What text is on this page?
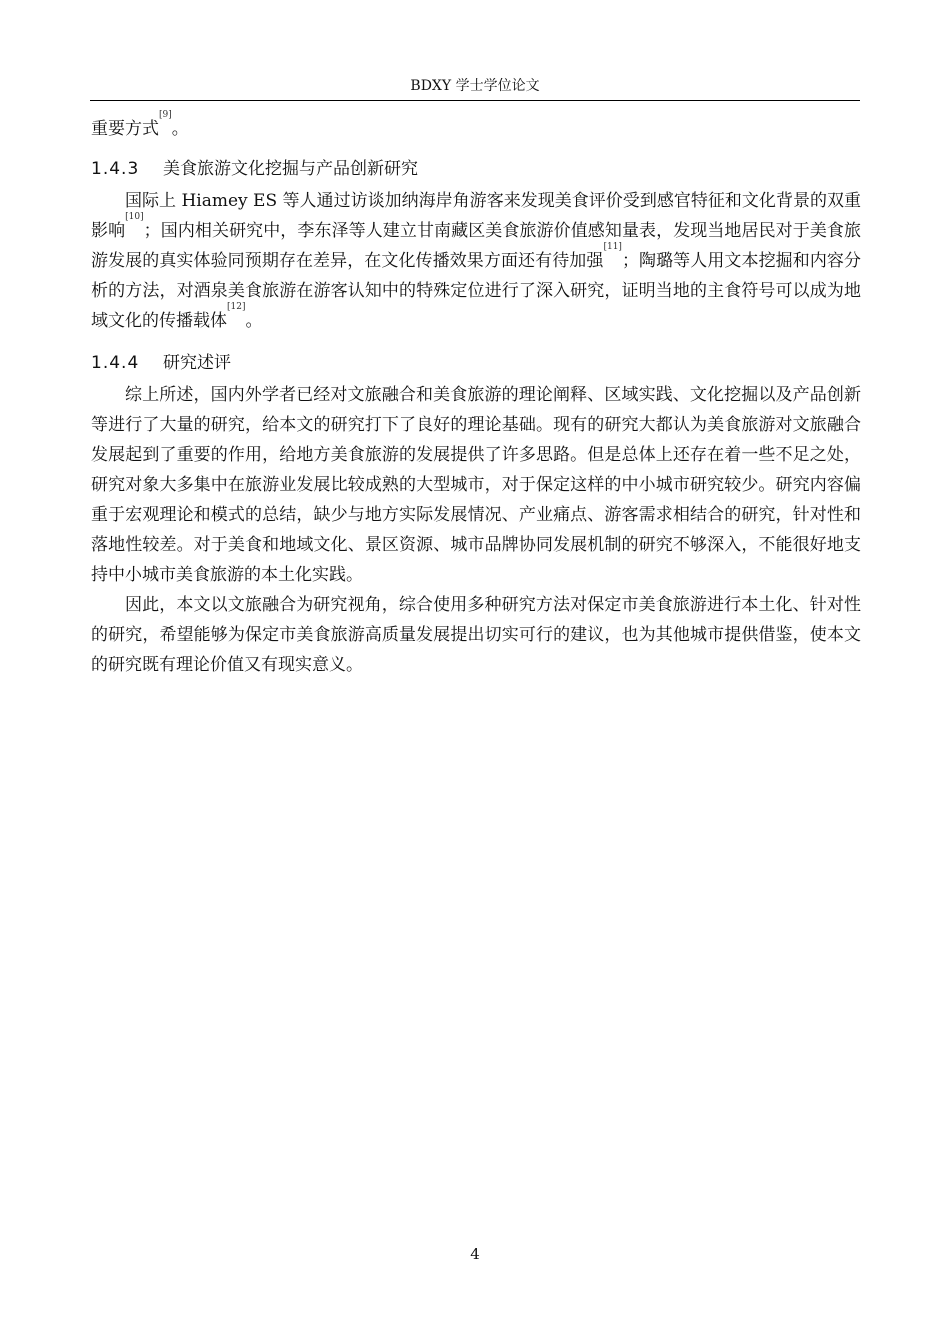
BDXY 学士学位论文

重要方式[9]。

1.4.3 美食旅游文化挖掘与产品创新研究

国际上 Hiamey ES 等人通过访谈加纳海岸角游客来发现美食评价受到感官特征和文化背景的双重影响[10]；国内相关研究中，李东泽等人建立甘南藏区美食旅游价值感知量表，发现当地居民对于美食旅游发展的真实体验同预期存在差异，在文化传播效果方面还有待加强[11]；陶璐等人用文本挖掘和内容分析的方法，对酒泉美食旅游在游客认知中的特殊定位进行了深入研究，证明当地的主食符号可以成为地域文化的传播载体[12]。

1.4.4 研究述评

综上所述，国内外学者已经对文旅融合和美食旅游的理论阐释、区域实践、文化挖掘以及产品创新等进行了大量的研究，给本文的研究打下了良好的理论基础。现有的研究大都认为美食旅游对文旅融合发展起到了重要的作用，给地方美食旅游的发展提供了许多思路。但是总体上还存在着一些不足之处，研究对象大多集中在旅游业发展比较成熟的大型城市，对于保定这样的中小城市研究较少。研究内容偏重于宏观理论和模式的总结，缺少与地方实际发展情况、产业痛点、游客需求相结合的研究，针对性和落地性较差。对于美食和地域文化、景区资源、城市品牌协同发展机制的研究不够深入，不能很好地支持中小城市美食旅游的本土化实践。

因此，本文以文旅融合为研究视角，综合使用多种研究方法对保定市美食旅游进行本土化、针对性的研究，希望能够为保定市美食旅游高质量发展提出切实可行的建议，也为其他城市提供借鉴，使本文的研究既有理论价值又有现实意义。

4
